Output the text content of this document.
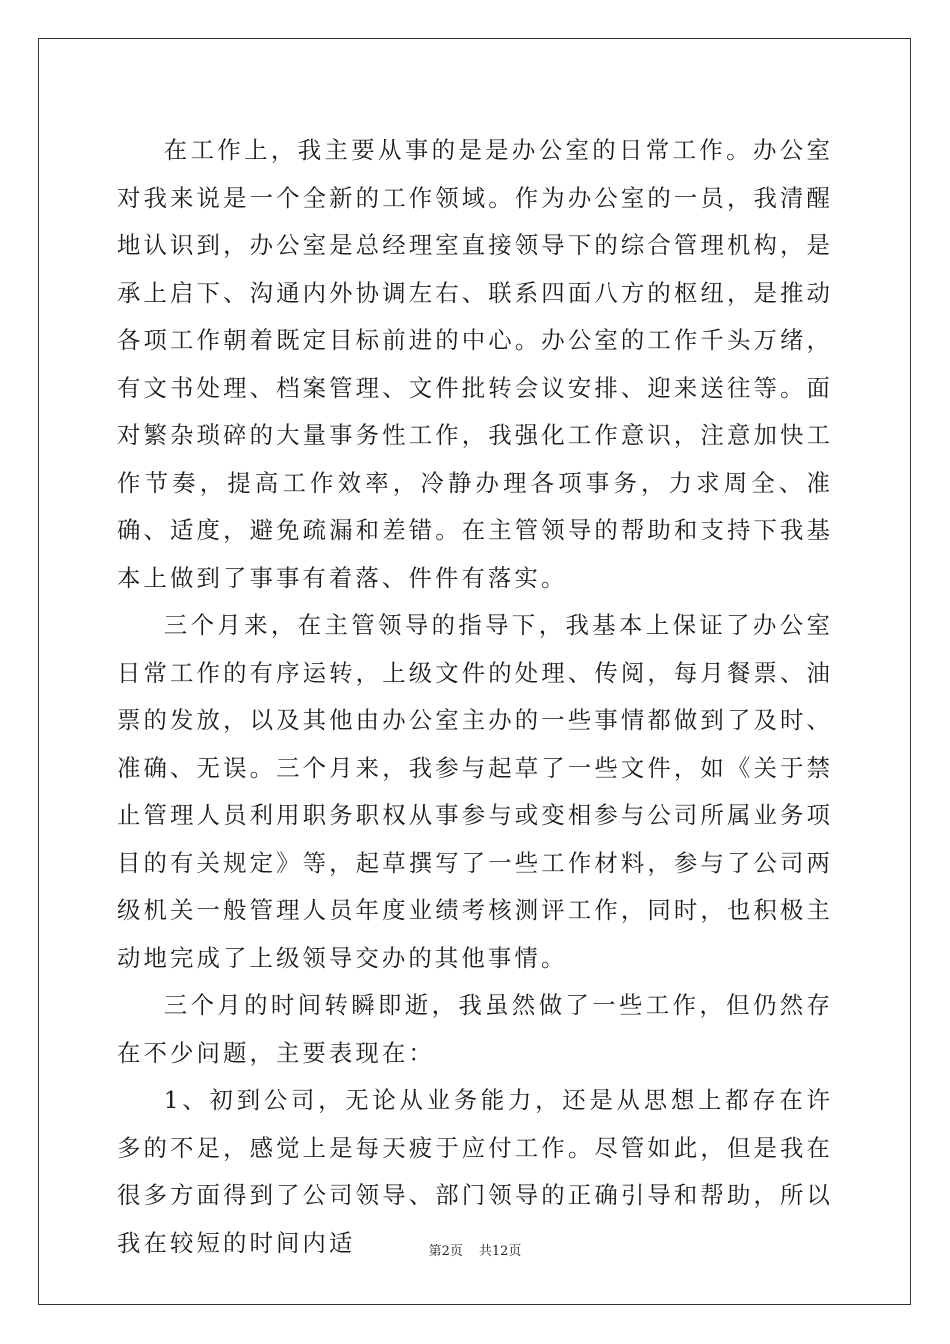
在工作上，我主要从事的是是办公室的日常工作。办公室对我来说是一个全新的工作领域。作为办公室的一员，我清醒地认识到，办公室是总经理室直接领导下的综合管理机构，是承上启下、沟通内外协调左右、联系四面八方的枢纽，是推动各项工作朝着既定目标前进的中心。办公室的工作千头万绪，有文书处理、档案管理、文件批转会议安排、迎来送往等。面对繁杂琐碎的大量事务性工作，我强化工作意识，注意加快工作节奏，提高工作效率，冷静办理各项事务，力求周全、准确、适度，避免疏漏和差错。在主管领导的帮助和支持下我基本上做到了事事有着落、件件有落实。

三个月来，在主管领导的指导下，我基本上保证了办公室日常工作的有序运转，上级文件的处理、传阅，每月餐票、油票的发放，以及其他由办公室主办的一些事情都做到了及时、准确、无误。三个月来，我参与起草了一些文件，如《关于禁止管理人员利用职务职权从事参与或变相参与公司所属业务项目的有关规定》等，起草撰写了一些工作材料，参与了公司两级机关一般管理人员年度业绩考核测评工作，同时，也积极主动地完成了上级领导交办的其他事情。

三个月的时间转瞬即逝，我虽然做了一些工作，但仍然存在不少问题，主要表现在：

1、初到公司，无论从业务能力，还是从思想上都存在许多的不足，感觉上是每天疲于应付工作。尽管如此，但是我在很多方面得到了公司领导、部门领导的正确引导和帮助，所以我在较短的时间内适	第2页 共12页
